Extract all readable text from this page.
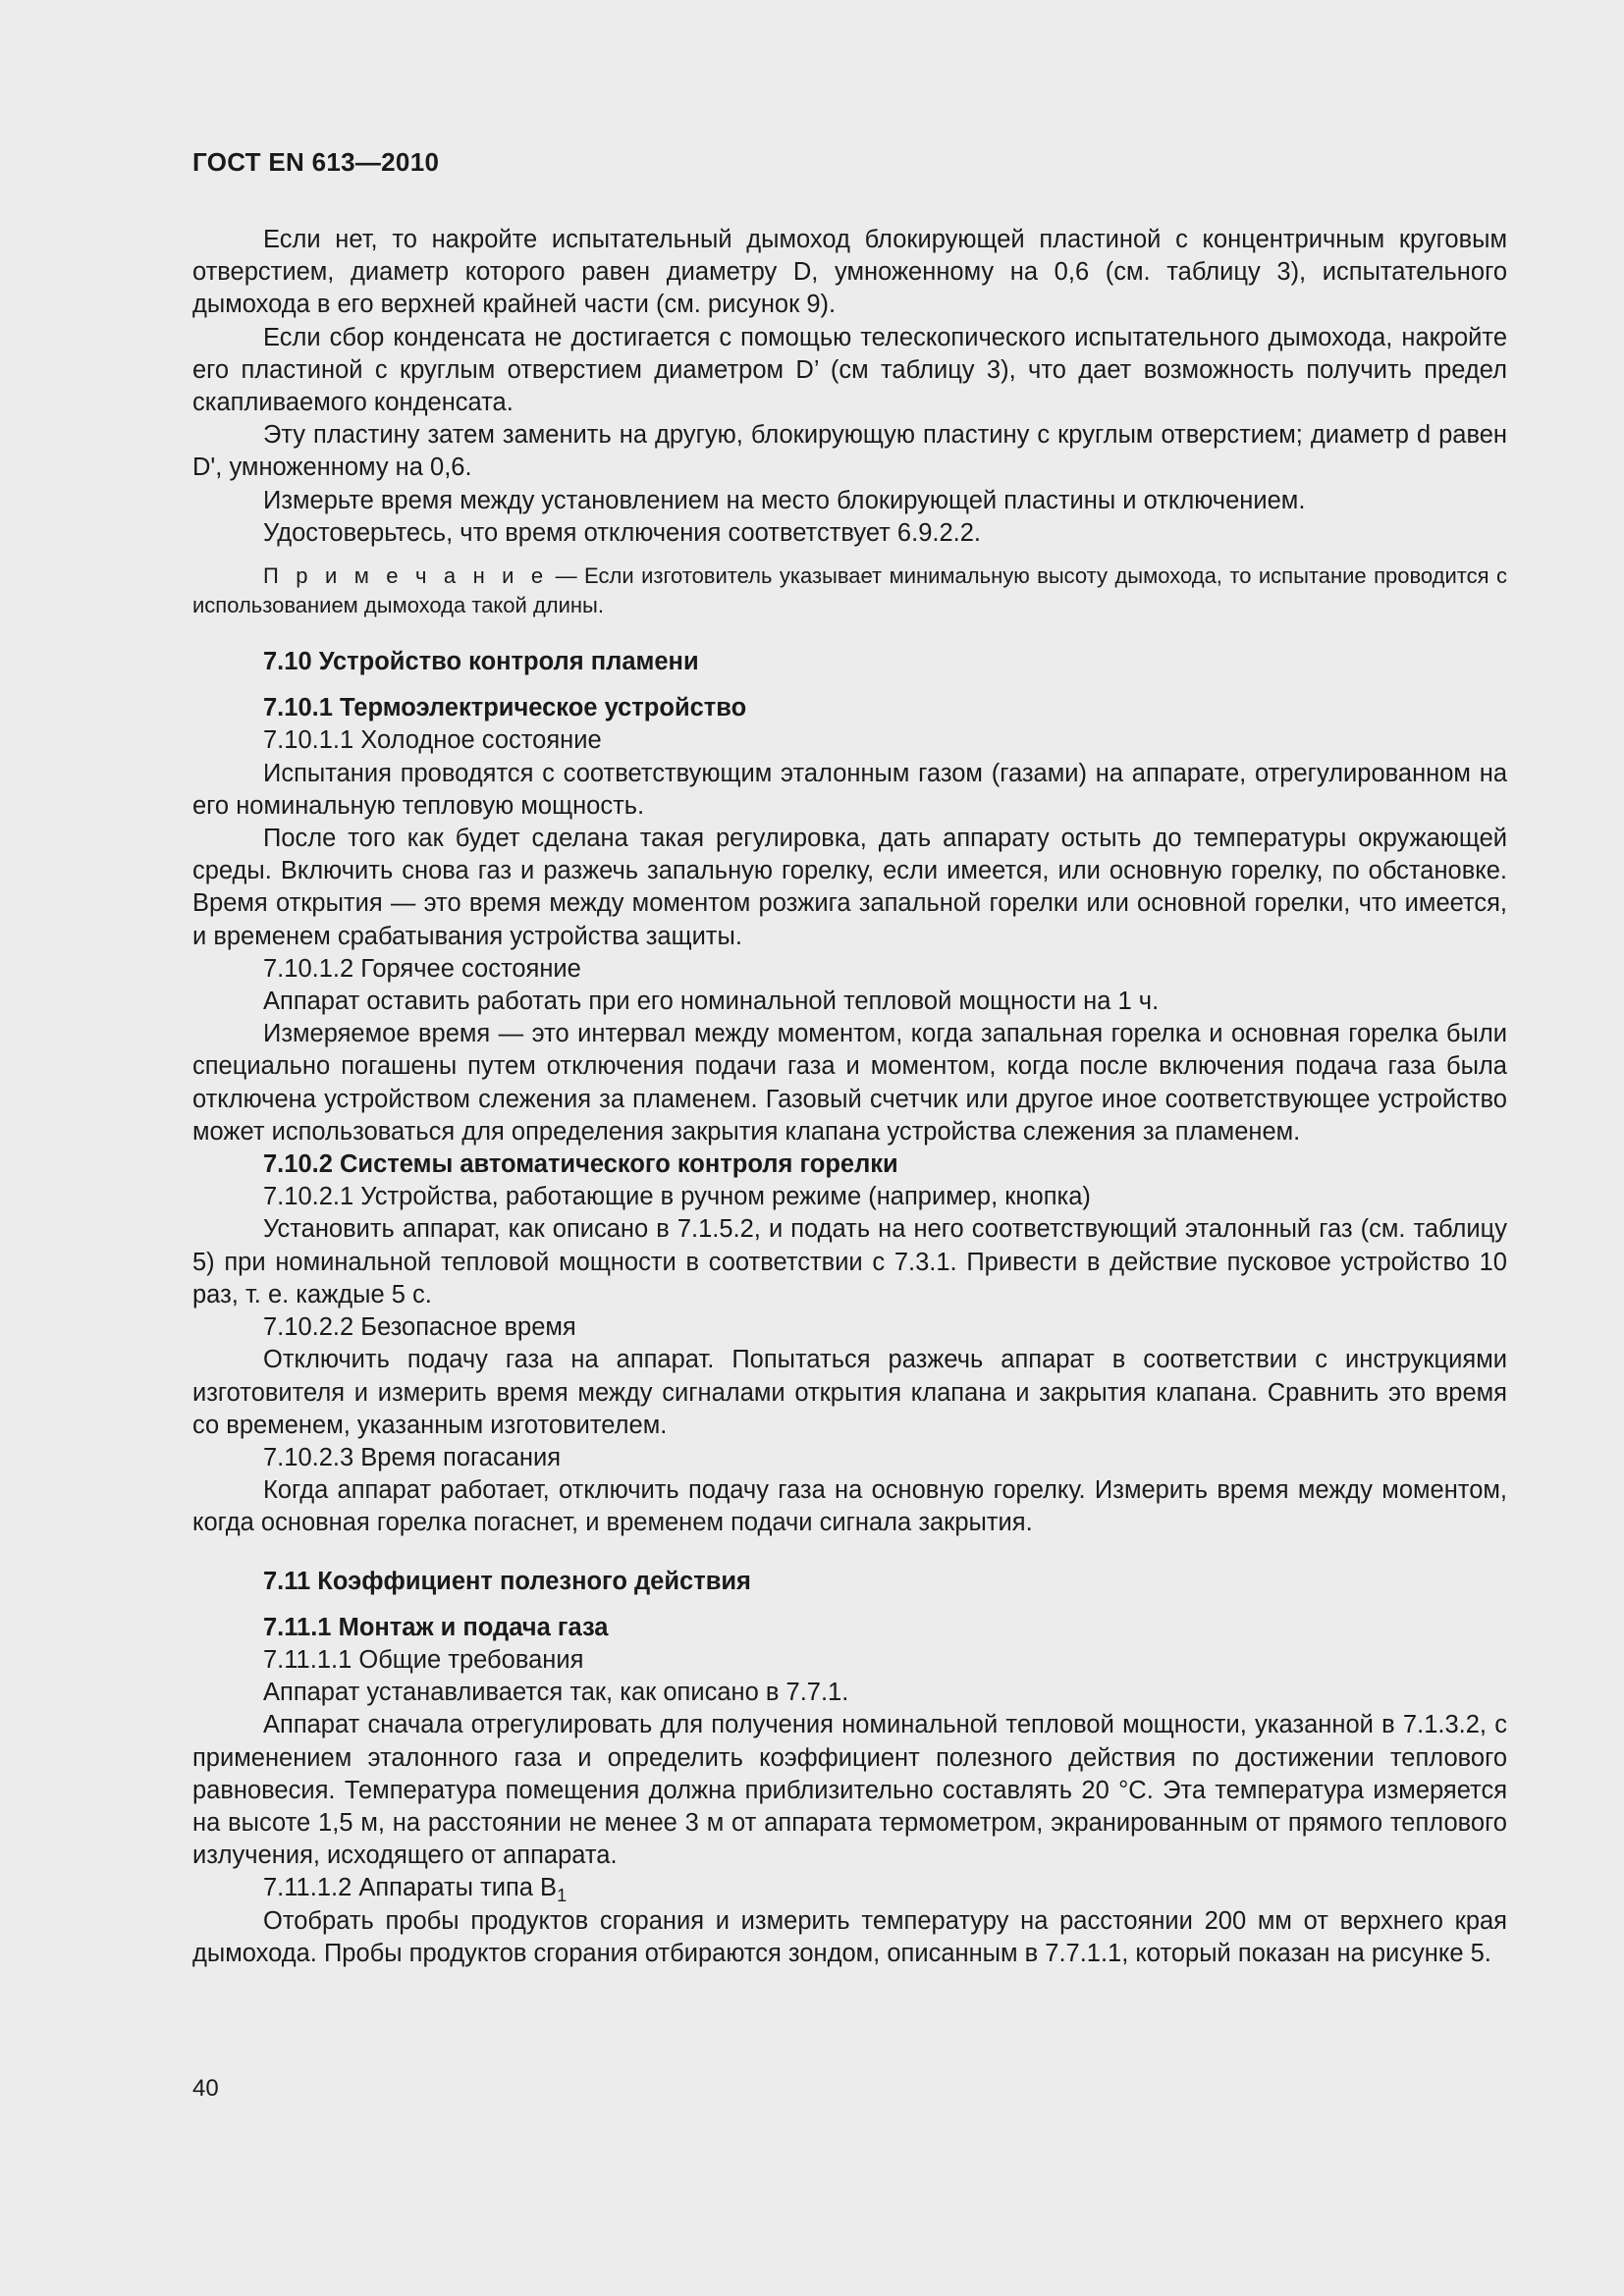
ГОСТ EN 613—2010

Если нет, то накройте испытательный дымоход блокирующей пластиной с концентричным круговым отверстием, диаметр которого равен диаметру D, умноженному на 0,6 (см. таблицу 3), испытательного дымохода в его верхней крайней части (см. рисунок 9).

Если сбор конденсата не достигается с помощью телескопического испытательного дымохода, накройте его пластиной с круглым отверстием диаметром D’ (см таблицу 3), что дает возможность получить предел скапливаемого конденсата.

Эту пластину затем заменить на другую, блокирующую пластину с круглым отверстием; диаметр d равен D', умноженному на 0,6.

Измерьте время между установлением на место блокирующей пластины и отключением.

Удостоверьтесь, что время отключения соответствует 6.9.2.2.

П р и м е ч а н и е — Если изготовитель указывает минимальную высоту дымохода, то испытание проводится с использованием дымохода такой длины.

7.10 Устройство контроля пламени

7.10.1 Термоэлектрическое устройство

7.10.1.1 Холодное состояние

Испытания проводятся с соответствующим эталонным газом (газами) на аппарате, отрегулированном на его номинальную тепловую мощность.

После того как будет сделана такая регулировка, дать аппарату остыть до температуры окружающей среды. Включить снова газ и разжечь запальную горелку, если имеется, или основную горелку, по обстановке. Время открытия — это время между моментом розжига запальной горелки или основной горелки, что имеется, и временем срабатывания устройства защиты.

7.10.1.2 Горячее состояние

Аппарат оставить работать при его номинальной тепловой мощности на 1 ч.

Измеряемое время — это интервал между моментом, когда запальная горелка и основная горелка были специально погашены путем отключения подачи газа и моментом, когда после включения подача газа была отключена устройством слежения за пламенем. Газовый счетчик или другое иное соответствующее устройство может использоваться для определения закрытия клапана устройства слежения за пламенем.

7.10.2 Системы автоматического контроля горелки

7.10.2.1 Устройства, работающие в ручном режиме (например, кнопка)

Установить аппарат, как описано в 7.1.5.2, и подать на него соответствующий эталонный газ (см. таблицу 5) при номинальной тепловой мощности в соответствии с 7.3.1. Привести в действие пусковое устройство 10 раз, т. е. каждые 5 с.

7.10.2.2 Безопасное время

Отключить подачу газа на аппарат. Попытаться разжечь аппарат в соответствии с инструкциями изготовителя и измерить время между сигналами открытия клапана и закрытия клапана. Сравнить это время со временем, указанным изготовителем.

7.10.2.3 Время погасания

Когда аппарат работает, отключить подачу газа на основную горелку. Измерить время между моментом, когда основная горелка погаснет, и временем подачи сигнала закрытия.

7.11 Коэффициент полезного действия

7.11.1 Монтаж и подача газа

7.11.1.1 Общие требования

Аппарат устанавливается так, как описано в 7.7.1.

Аппарат сначала отрегулировать для получения номинальной тепловой мощности, указанной в 7.1.3.2, с применением эталонного газа и определить коэффициент полезного действия по достижении теплового равновесия. Температура помещения должна приблизительно составлять 20 °С. Эта температура измеряется на высоте 1,5 м, на расстоянии не менее 3 м от аппарата термометром, экранированным от прямого теплового излучения, исходящего от аппарата.

7.11.1.2 Аппараты типа $В_1$

Отобрать пробы продуктов сгорания и измерить температуру на расстоянии 200 мм от верхнего края дымохода. Пробы продуктов сгорания отбираются зондом, описанным в 7.7.1.1, который показан на рисунке 5.

40
